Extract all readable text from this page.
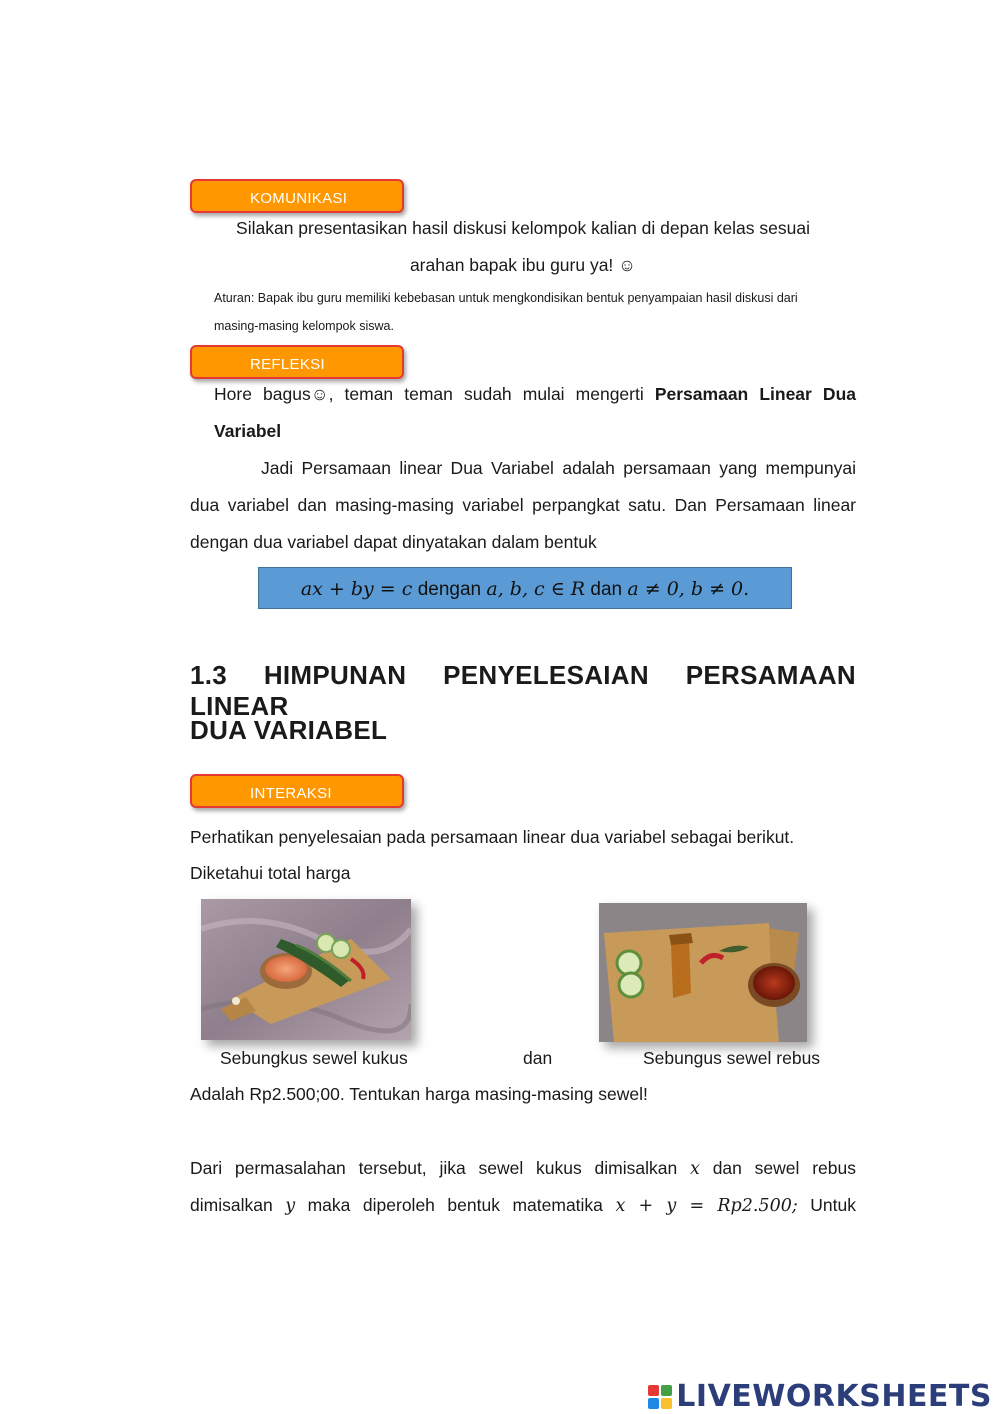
KOMUNIKASI
Silakan presentasikan hasil diskusi kelompok kalian di depan kelas sesuai
arahan bapak ibu guru ya! ☺
Aturan: Bapak ibu guru memiliki kebebasan untuk mengkondisikan bentuk penyampaian hasil diskusi dari
masing-masing kelompok siswa.
REFLEKSI
Hore bagus☺, teman teman sudah mulai mengerti Persamaan Linear Dua
Variabel
Jadi Persamaan linear Dua Variabel adalah persamaan yang mempunyai
dua variabel dan masing-masing variabel perpangkat satu. Dan Persamaan linear
dengan dua variabel dapat dinyatakan dalam bentuk
ax + by = c dengan a, b, c ∈ R dan a ≠ 0, b ≠ 0.
1.3 HIMPUNAN PENYELESAIAN PERSAMAAN LINEAR
DUA VARIABEL
INTERAKSI
Perhatikan penyelesaian pada persamaan linear dua variabel sebagai berikut.
Diketahui total harga
Sebungkus sewel kukus	dan	Sebungus sewel rebus
Adalah Rp2.500;00. Tentukan harga masing-masing sewel!
Dari permasalahan tersebut, jika sewel kukus dimisalkan x dan sewel rebus
dimisalkan y maka diperoleh bentuk matematika x + y = Rp2.500; Untuk
LIVEWORKSHEETS
